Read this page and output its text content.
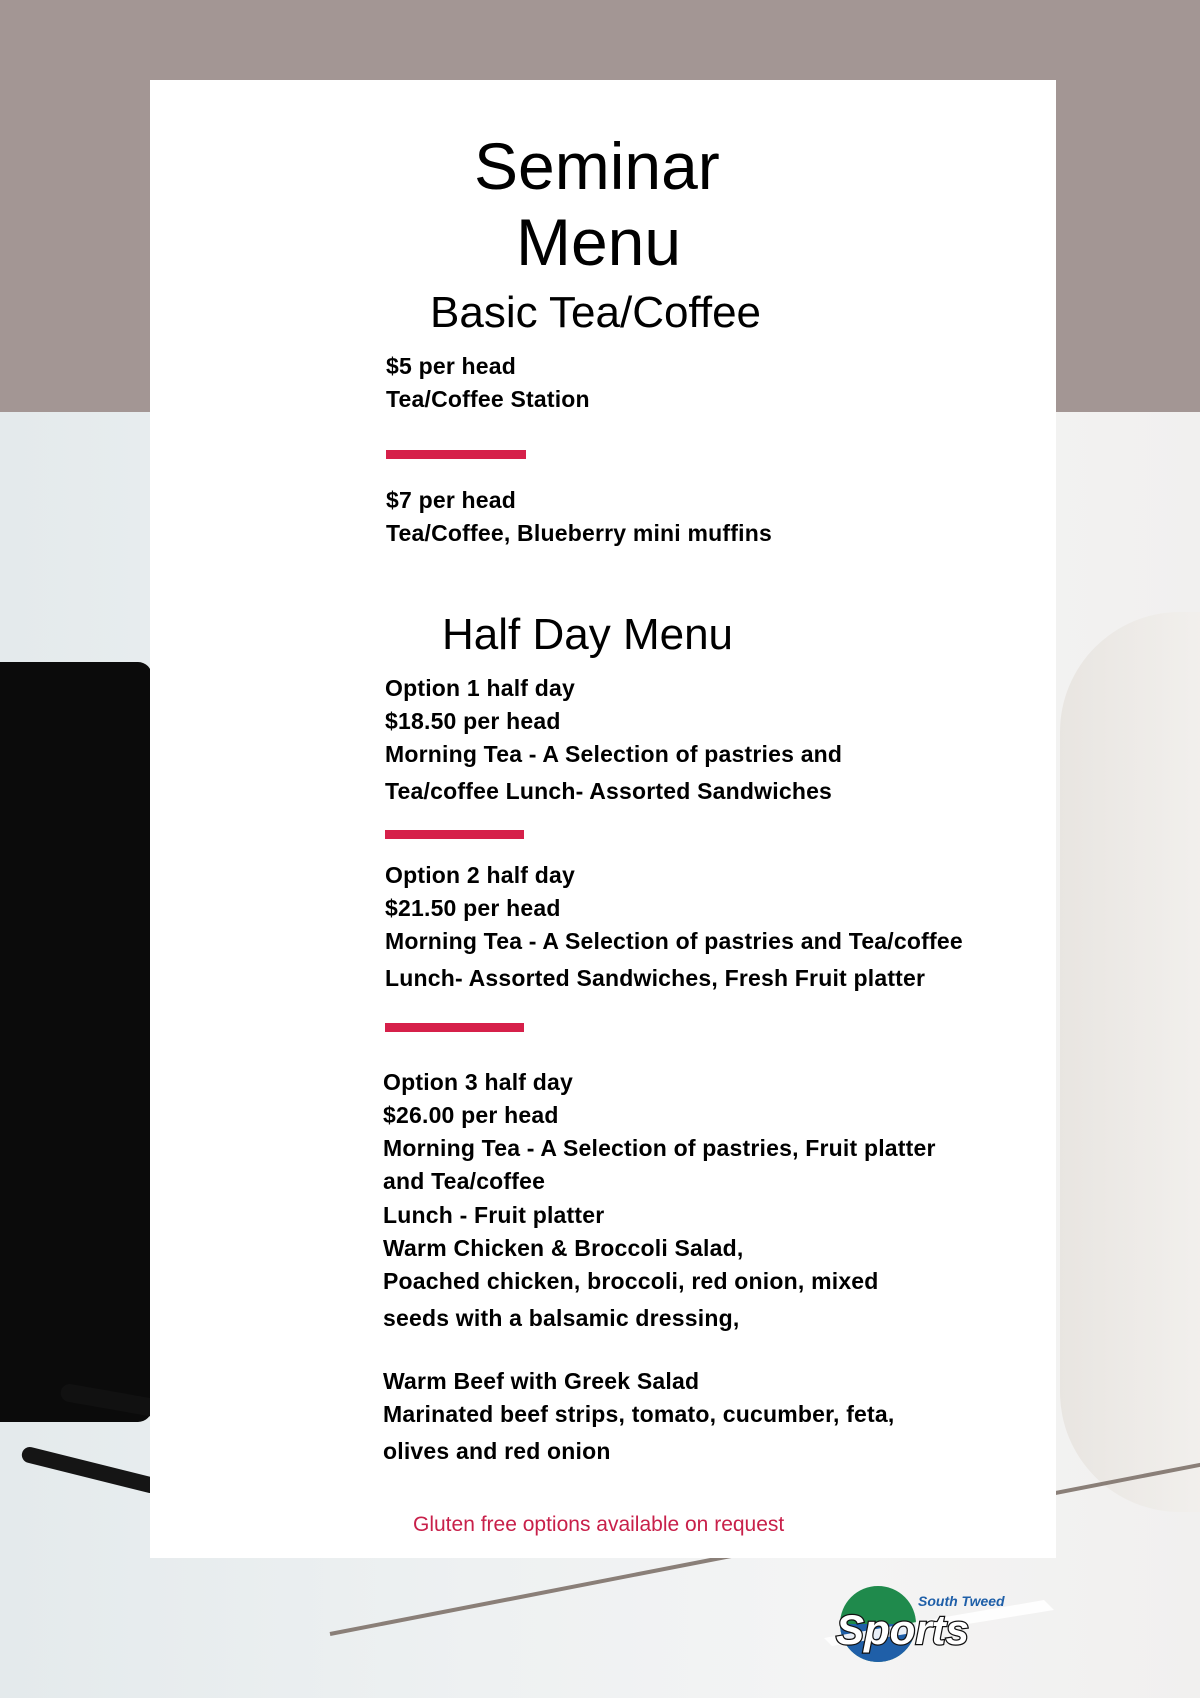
Seminar
Menu
Basic Tea/Coffee
$5 per head
Tea/Coffee Station
$7 per head
Tea/Coffee, Blueberry mini muffins
Half Day Menu
Option 1 half day
$18.50 per head
Morning Tea - A Selection of pastries and
Tea/coffee Lunch- Assorted Sandwiches
Option 2 half day
$21.50 per head
Morning Tea - A Selection of pastries and Tea/coffee
Lunch- Assorted Sandwiches, Fresh Fruit platter
Option 3 half day
$26.00 per head
Morning Tea - A Selection of pastries, Fruit platter
and Tea/coffee
Lunch - Fruit platter
Warm Chicken & Broccoli Salad,
Poached chicken, broccoli, red onion, mixed
seeds with a balsamic dressing,
Warm Beef with Greek Salad
Marinated beef strips, tomato, cucumber, feta,
olives and red onion
Gluten free options available on request
South Tweed
Sports
